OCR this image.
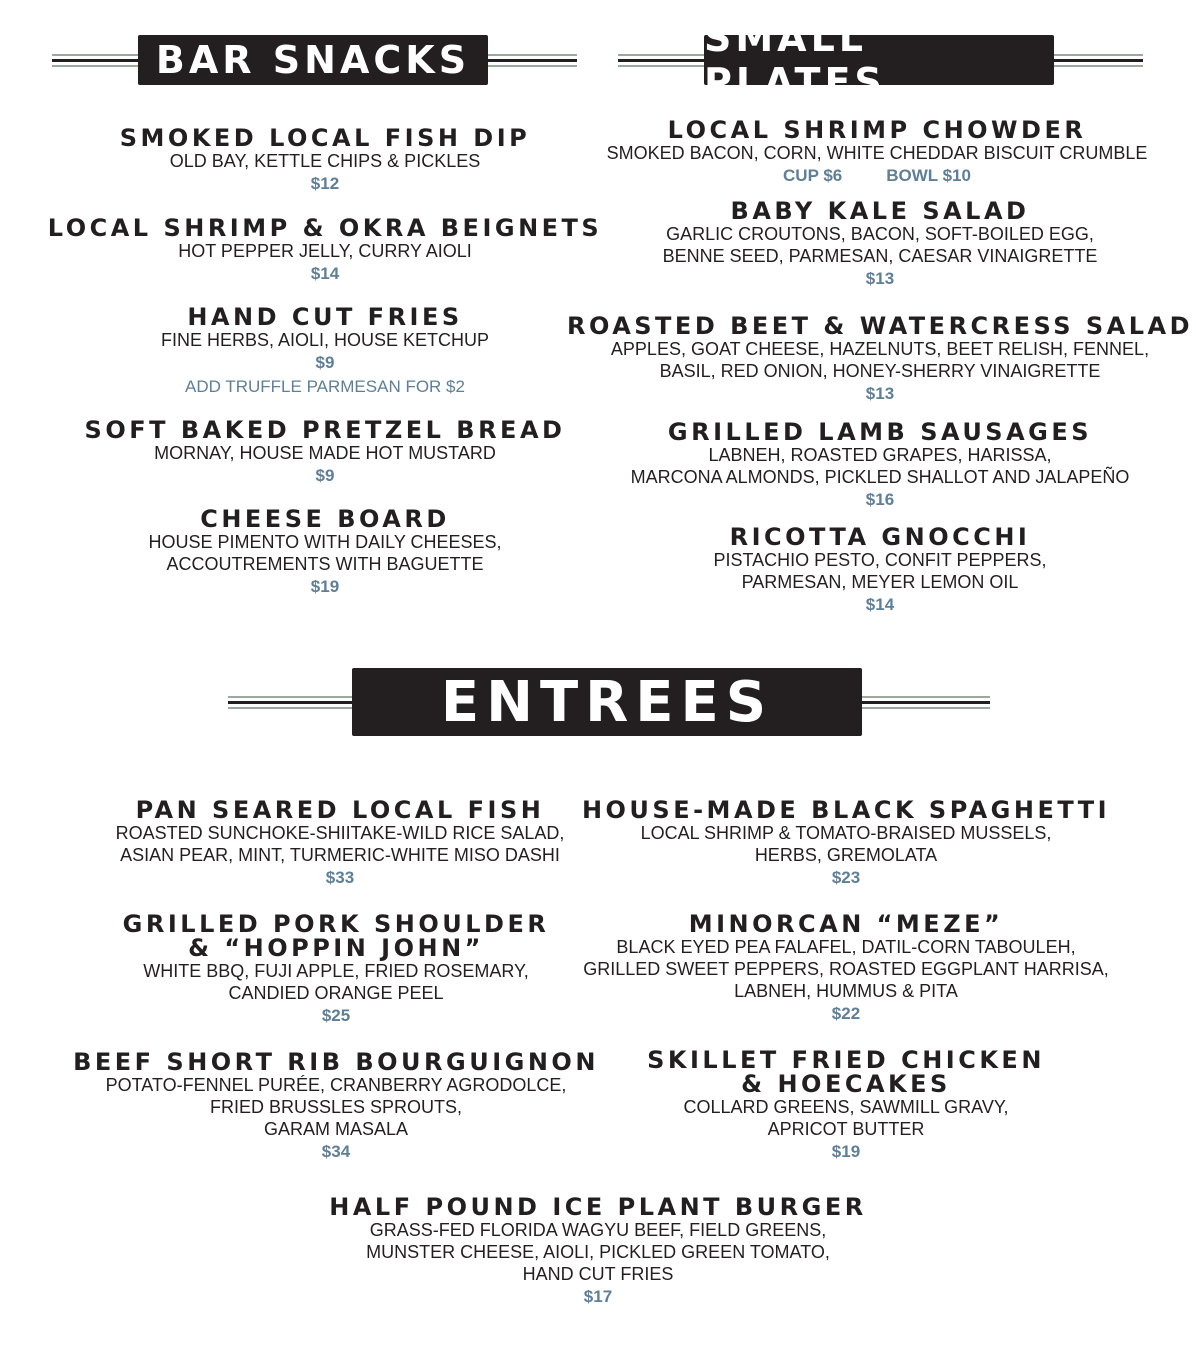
BAR SNACKS	SMALL PLATES
ENTREES
SMOKED LOCAL FISH DIP
OLD BAY, KETTLE CHIPS & PICKLES
$12
LOCAL SHRIMP & OKRA BEIGNETS
HOT PEPPER JELLY, CURRY AIOLI
$14
HAND CUT FRIES
FINE HERBS, AIOLI, HOUSE KETCHUP
$9
ADD TRUFFLE PARMESAN FOR $2
SOFT BAKED PRETZEL BREAD
MORNAY, HOUSE MADE HOT MUSTARD
$9
CHEESE BOARD
HOUSE PIMENTO WITH DAILY CHEESES,
ACCOUTREMENTS WITH BAGUETTE
$19
LOCAL SHRIMP CHOWDER
SMOKED BACON, CORN, WHITE CHEDDAR BISCUIT CRUMBLE
CUP $6	BOWL $10
BABY KALE SALAD
GARLIC CROUTONS, BACON, SOFT-BOILED EGG,
BENNE SEED, PARMESAN, CAESAR VINAIGRETTE
$13
ROASTED BEET & WATERCRESS SALAD
APPLES, GOAT CHEESE, HAZELNUTS, BEET RELISH, FENNEL,
BASIL, RED ONION, HONEY-SHERRY VINAIGRETTE
$13
GRILLED LAMB SAUSAGES
LABNEH, ROASTED GRAPES, HARISSA,
MARCONA ALMONDS, PICKLED SHALLOT AND JALAPEÑO
$16
RICOTTA GNOCCHI
PISTACHIO PESTO, CONFIT PEPPERS,
PARMESAN, MEYER LEMON OIL
$14
PAN SEARED LOCAL FISH
ROASTED SUNCHOKE-SHIITAKE-WILD RICE SALAD,
ASIAN PEAR, MINT, TURMERIC-WHITE MISO DASHI
$33
HOUSE-MADE BLACK SPAGHETTI
LOCAL SHRIMP & TOMATO-BRAISED MUSSELS,
HERBS, GREMOLATA
$23
GRILLED PORK SHOULDER
& “HOPPIN JOHN”
WHITE BBQ, FUJI APPLE, FRIED ROSEMARY,
CANDIED ORANGE PEEL
$25
MINORCAN “MEZE”
BLACK EYED PEA FALAFEL, DATIL-CORN TABOULEH,
GRILLED SWEET PEPPERS, ROASTED EGGPLANT HARRISA,
LABNEH, HUMMUS & PITA
$22
BEEF SHORT RIB BOURGUIGNON
POTATO-FENNEL PURÉE, CRANBERRY AGRODOLCE,
FRIED BRUSSLES SPROUTS,
GARAM MASALA
$34
SKILLET FRIED CHICKEN
& HOECAKES
COLLARD GREENS, SAWMILL GRAVY,
APRICOT BUTTER
$19
HALF POUND ICE PLANT BURGER
GRASS-FED FLORIDA WAGYU BEEF, FIELD GREENS,
MUNSTER CHEESE, AIOLI, PICKLED GREEN TOMATO,
HAND CUT FRIES
$17
